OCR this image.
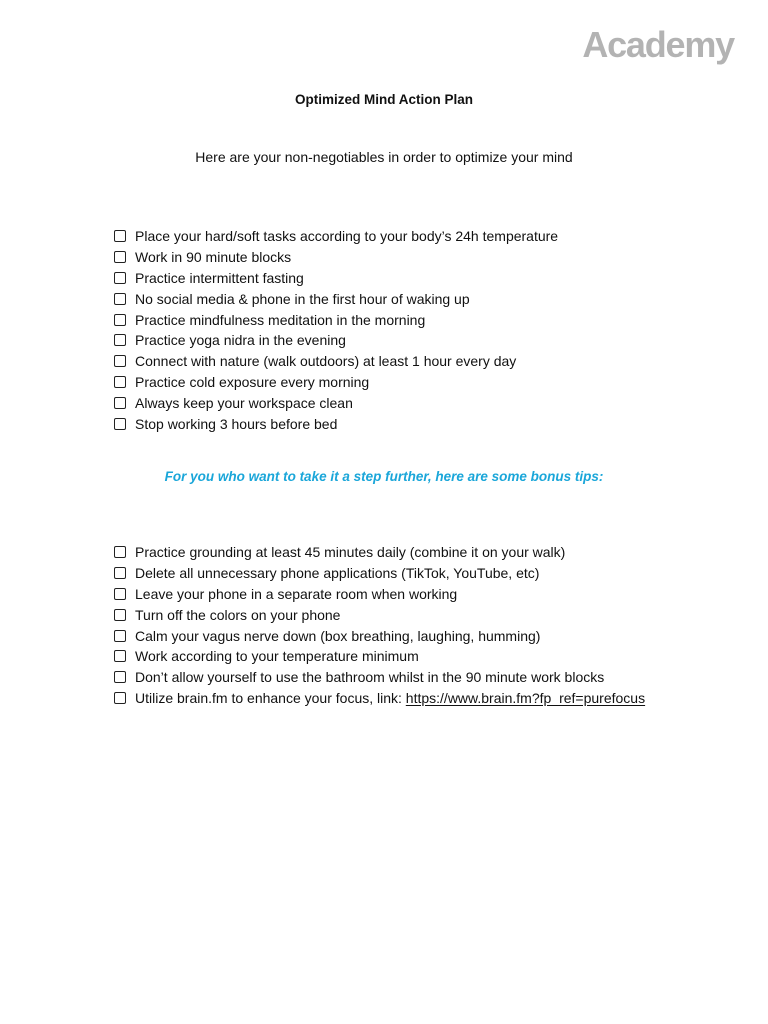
Academy
Optimized Mind Action Plan
Here are your non-negotiables in order to optimize your mind
Place your hard/soft tasks according to your body’s 24h temperature
Work in 90 minute blocks
Practice intermittent fasting
No social media & phone in the first hour of waking up
Practice mindfulness meditation in the morning
Practice yoga nidra in the evening
Connect with nature (walk outdoors) at least 1 hour every day
Practice cold exposure every morning
Always keep your workspace clean
Stop working 3 hours before bed
For you who want to take it a step further, here are some bonus tips:
Practice grounding at least 45 minutes daily (combine it on your walk)
Delete all unnecessary phone applications (TikTok, YouTube, etc)
Leave your phone in a separate room when working
Turn off the colors on your phone
Calm your vagus nerve down (box breathing, laughing, humming)
Work according to your temperature minimum
Don’t allow yourself to use the bathroom whilst in the 90 minute work blocks
Utilize brain.fm to enhance your focus, link: https://www.brain.fm?fp_ref=purefocus
